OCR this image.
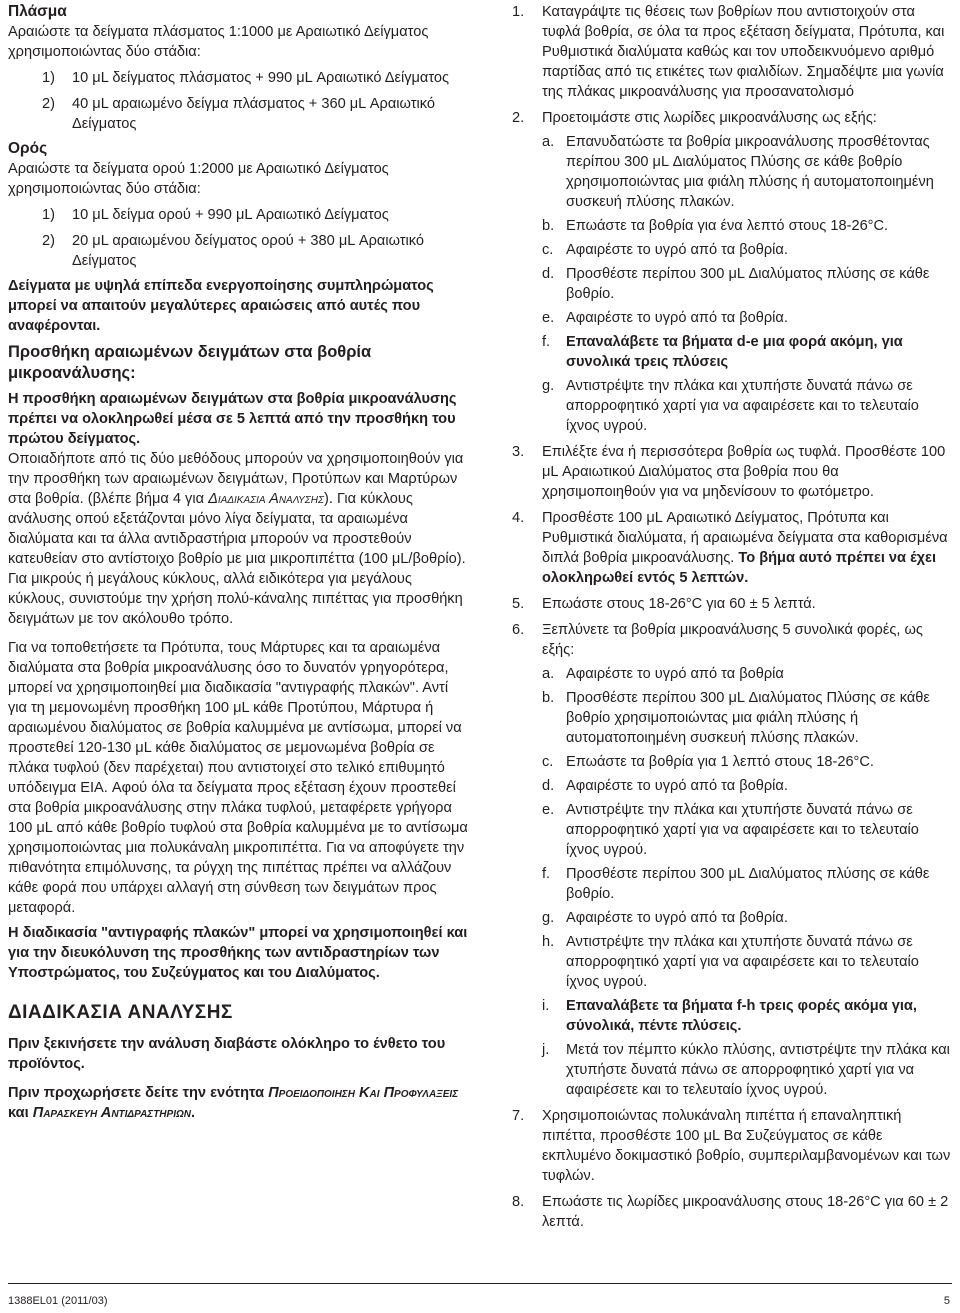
Πλάσμα

Αραιώστε τα δείγματα πλάσματος 1:1000 με Αραιωτικό Δείγματος χρησιμοποιώντας δύο στάδια:

1)	10 μL δείγματος πλάσματος + 990 μL Αραιωτικό Δείγματος
2)	40 μL αραιωμένο δείγμα πλάσματος + 360 μL Αραιωτικό Δείγματος

Ορός

Αραιώστε τα δείγματα ορού 1:2000 με Αραιωτικό Δείγματος χρησιμοποιώντας δύο στάδια:

1)	10 μL δείγμα ορού + 990 μL Αραιωτικό Δείγματος
2)	20 μL αραιωμένου δείγματος ορού + 380 μL Αραιωτικό Δείγματος

Δείγματα με υψηλά επίπεδα ενεργοποίησης συμπληρώματος μπορεί να απαιτούν μεγαλύτερες αραιώσεις από αυτές που αναφέρονται.

Προσθήκη αραιωμένων δειγμάτων στα βοθρία μικροανάλυσης:

Η προσθήκη αραιωμένων δειγμάτων στα βοθρία μικροανάλυσης πρέπει να ολοκληρωθεί μέσα σε 5 λεπτά από την προσθήκη του πρώτου δείγματος.

Οποιαδήποτε από τις δύο μεθόδους μπορούν να χρησιμοποιηθούν για την προσθήκη των αραιωμένων δειγμάτων, Προτύπων και Μαρτύρων στα βοθρία. (βλέπε βήμα 4 για Διαδικασια Αναλυσης). Για κύκλους ανάλυσης οπού εξετάζονται μόνο λίγα δείγματα, τα αραιωμένα διαλύματα και τα άλλα αντιδραστήρια μπορούν να προστεθούν κατευθείαν στο αντίστοιχο βοθρίο με μια μικροπιπέττα (100 μL/βοθρίο). Για μικρούς ή μεγάλους κύκλους, αλλά ειδικότερα για μεγάλους κύκλους, συνιστούμε την χρήση πολύ-κάναλης πιπέττας για προσθήκη δειγμάτων με τον ακόλουθο τρόπο.

Για να τοποθετήσετε τα Πρότυπα, τους Μάρτυρες και τα αραιωμένα διαλύματα στα βοθρία μικροανάλυσης όσο το δυνατόν γρηγορότερα, μπορεί να χρησιμοποιηθεί μια διαδικασία "αντιγραφής πλακών". Αντί για τη μεμονωμένη προσθήκη 100 μL κάθε Προτύπου, Μάρτυρα ή αραιωμένου διαλύματος σε βοθρία καλυμμένα με αντίσωμα, μπορεί να προστεθεί 120-130 μL κάθε διαλύματος σε μεμονωμένα βοθρία σε πλάκα τυφλού (δεν παρέχεται) που αντιστοιχεί στο τελικό επιθυμητό υπόδειγμα EIA. Αφού όλα τα δείγματα προς εξέταση έχουν προστεθεί στα βοθρία μικροανάλυσης στην πλάκα τυφλού, μεταφέρετε γρήγορα 100 μL από κάθε βοθρίο τυφλού στα βοθρία καλυμμένα με το αντίσωμα χρησιμοποιώντας μια πολυκάναλη μικροπιπέττα. Για να αποφύγετε την πιθανότητα επιμόλυνσης, τα ρύγχη της πιπέττας πρέπει να αλλάζουν κάθε φορά που υπάρχει αλλαγή στη σύνθεση των δειγμάτων προς μεταφορά.

Η διαδικασία "αντιγραφής πλακών" μπορεί να χρησιμοποιηθεί και για την διευκόλυνση της προσθήκης των αντιδραστηρίων των Υποστρώματος, του Συζεύγματος και του Διαλύματος.

ΔΙΑΔΙΚΑΣΙΑ ΑΝΑΛΥΣΗΣ

Πριν ξεκινήσετε την ανάλυση διαβάστε ολόκληρο το ένθετο του προϊόντος.

Πριν προχωρήσετε δείτε την ενότητα Προειδοποιηση Και Προφυλαξεις και Παρασκευη Αντιδραστηριων.

1.	Καταγράψτε τις θέσεις των βοθρίων που αντιστοιχούν στα τυφλά βοθρία, σε όλα τα προς εξέταση δείγματα, Πρότυπα, και Ρυθμιστικά διαλύματα καθώς και τον υποδεικνυόμενο αριθμό παρτίδας από τις ετικέτες των φιαλιδίων. Σημαδέψτε μια γωνία της πλάκας μικροανάλυσης για προσανατολισμό
2.	Προετοιμάστε στις λωρίδες μικροανάλυσης ως εξής:
a. Επανυδατώστε τα βοθρία μικροανάλυσης προσθέτοντας περίπου 300 μL Διαλύματος Πλύσης σε κάθε βοθρίο χρησιμοποιώντας μια φιάλη πλύσης ή αυτοματοποιημένη συσκευή πλύσης πλακών.
b. Επωάστε τα βοθρία για ένα λεπτό στους 18-26°C.
c. Αφαιρέστε το υγρό από τα βοθρία.
d. Προσθέστε περίπου 300 μL Διαλύματος πλύσης σε κάθε βοθρίο.
e. Αφαιρέστε το υγρό από τα βοθρία.
f.	Επαναλάβετε τα βήματα d-e μια φορά ακόμη, για συνολικά τρεις πλύσεις
g. Αντιστρέψτε την πλάκα και χτυπήστε δυνατά πάνω σε απορροφητικό χαρτί για να αφαιρέσετε και το τελευταίο ίχνος υγρού.
3.	Επιλέξτε ένα ή περισσότερα βοθρία ως τυφλά. Προσθέστε 100 μL Αραιωτικού Διαλύματος στα βοθρία που θα χρησιμοποιηθούν για να μηδενίσουν το φωτόμετρο.
4.	Προσθέστε 100 μL Αραιωτικό Δείγματος, Πρότυπα και Ρυθμιστικά διαλύματα, ή αραιωμένα δείγματα στα καθορισμένα διπλά βοθρία μικροανάλυσης. Το βήμα αυτό πρέπει να έχει ολοκληρωθεί εντός 5 λεπτών.
5.	Επωάστε στους 18-26°C για 60 ± 5 λεπτά.
6.	Ξεπλύνετε τα βοθρία μικροανάλυσης 5 συνολικά φορές, ως εξής:
a. Αφαιρέστε το υγρό από τα βοθρία
b. Προσθέστε περίπου 300 μL Διαλύματος Πλύσης σε κάθε βοθρίο χρησιμοποιώντας μια φιάλη πλύσης ή αυτοματοποιημένη συσκευή πλύσης πλακών.
c. Επωάστε τα βοθρία για 1 λεπτό στους 18-26°C.
d. Αφαιρέστε το υγρό από τα βοθρία.
e. Αντιστρέψτε την πλάκα και χτυπήστε δυνατά πάνω σε απορροφητικό χαρτί για να αφαιρέσετε και το τελευταίο ίχνος υγρού.
f.	Προσθέστε περίπου 300 μL Διαλύματος πλύσης σε κάθε βοθρίο.
g. Αφαιρέστε το υγρό από τα βοθρία.
h. Αντιστρέψτε την πλάκα και χτυπήστε δυνατά πάνω σε απορροφητικό χαρτί για να αφαιρέσετε και το τελευταίο ίχνος υγρού.
i.	Επαναλάβετε τα βήματα f-h τρεις φορές ακόμα για, σύνολικά, πέντε πλύσεις.
j.	Μετά τον πέμπτο κύκλο πλύσης, αντιστρέψτε την πλάκα και χτυπήστε δυνατά πάνω σε απορροφητικό χαρτί για να αφαιρέσετε και το τελευταίο ίχνος υγρού.
7.	Χρησιμοποιώντας πολυκάναλη πιπέττα ή επαναληπτική πιπέττα, προσθέστε 100 μL Βα Συζεύγματος σε κάθε εκπλυμένο δοκιμαστικό βοθρίο, συμπεριλαμβανομένων και των τυφλών.
8.	Επωάστε τις λωρίδες μικροανάλυσης στους 18-26°C για 60 ± 2 λεπτά.
1388EL01 (2011/03)	5
